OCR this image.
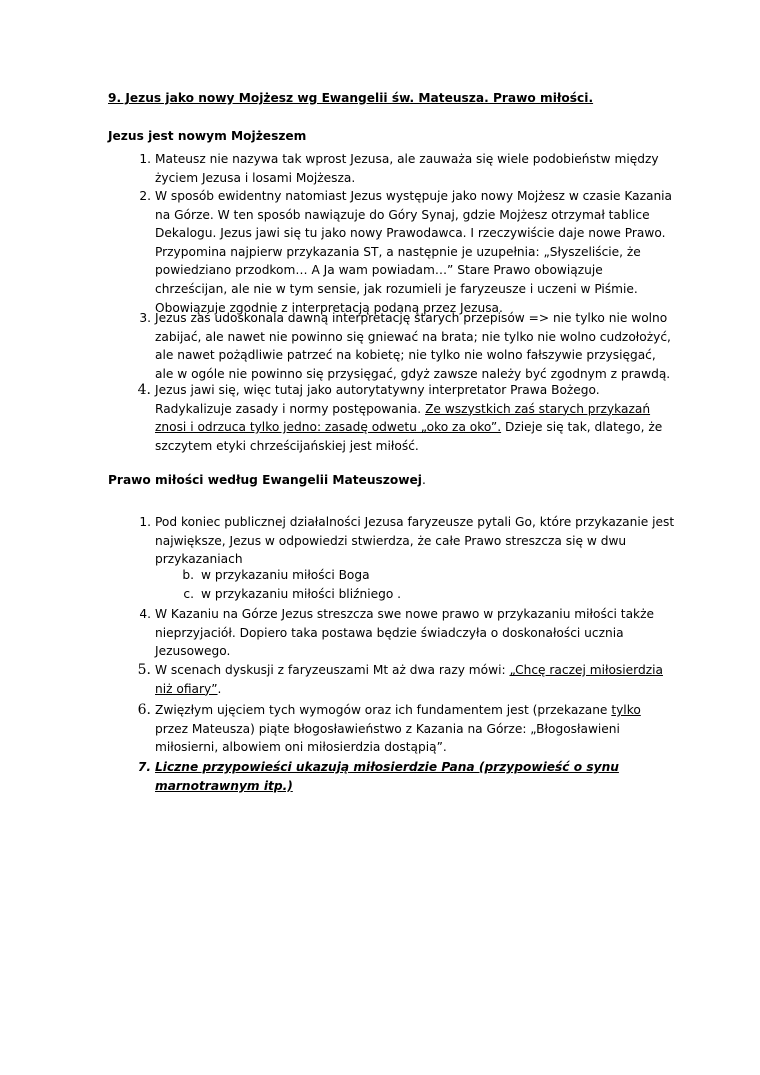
9. Jezus jako nowy Mojżesz wg Ewangelii św. Mateusza. Prawo miłości.
Jezus jest nowym Mojżeszem
1. Mateusz nie nazywa tak wprost Jezusa, ale zauważa się wiele podobieństw między życiem Jezusa i losami Mojżesza.
2. W sposób ewidentny natomiast Jezus występuje jako nowy Mojżesz w czasie Kazania na Górze. W ten sposób nawiązuje do Góry Synaj, gdzie Mojżesz otrzymał tablice Dekalogu. Jezus jawi się tu jako nowy Prawodawca. I rzeczywiście daje nowe Prawo. Przypomina najpierw przykazania ST, a następnie je uzupełnia: „Słyszeliście, że powiedziano przodkom… A Ja wam powiadam…” Stare Prawo obowiązuje chrześcijan, ale nie w tym sensie, jak rozumieli je faryzeusze i uczeni w Piśmie. Obowiązuje zgodnie z interpretacją podaną przez Jezusa.
3. Jezus zaś udoskonala dawną interpretację starych przepisów => nie tylko nie wolno zabijać, ale nawet nie powinno się gniewać na brata; nie tylko nie wolno cudzołożyć, ale nawet pożądliwie patrzeć na kobietę; nie tylko nie wolno fałszywie przysięgać, ale w ogóle nie powinno się przysięgać, gdyż zawsze należy być zgodnym z prawdą.
4. Jezus jawi się, więc tutaj jako autorytatywny interpretator Prawa Bożego. Radykalizuje zasady i normy postępowania. Ze wszystkich zaś starych przykazań znosi i odrzuca tylko jedno: zasadę odwetu „oko za oko”. Dzieje się tak, dlatego, że szczytem etyki chrześcijańskiej jest miłość.
Prawo miłości według Ewangelii Mateuszowej.
1. Pod koniec publicznej działalności Jezusa faryzeusze pytali Go, które przykazanie jest największe, Jezus w odpowiedzi stwierdza, że całe Prawo streszcza się w dwu przykazaniach
b. w przykazaniu miłości Boga
c. w przykazaniu miłości bliźniego .
4. W Kazaniu na Górze Jezus streszcza swe nowe prawo w przykazaniu miłości także nieprzyjaciół. Dopiero taka postawa będzie świadczyła o doskonałości ucznia Jezusowego.
5. W scenach dyskusji z faryzeuszami Mt aż dwa razy mówi: „Chcę raczej miłosierdzia niż ofiary”.
6. Zwięzłym ujęciem tych wymogów oraz ich fundamentem jest (przekazane tylko przez Mateusza) piąte błogosławieństwo z Kazania na Górze: „Błogosławieni miłosierni, albowiem oni miłosierdzia dostąpią”.
7. Liczne przypowieści ukazują miłosierdzie Pana (przypowieść o synu marnotrawnym itp.)
